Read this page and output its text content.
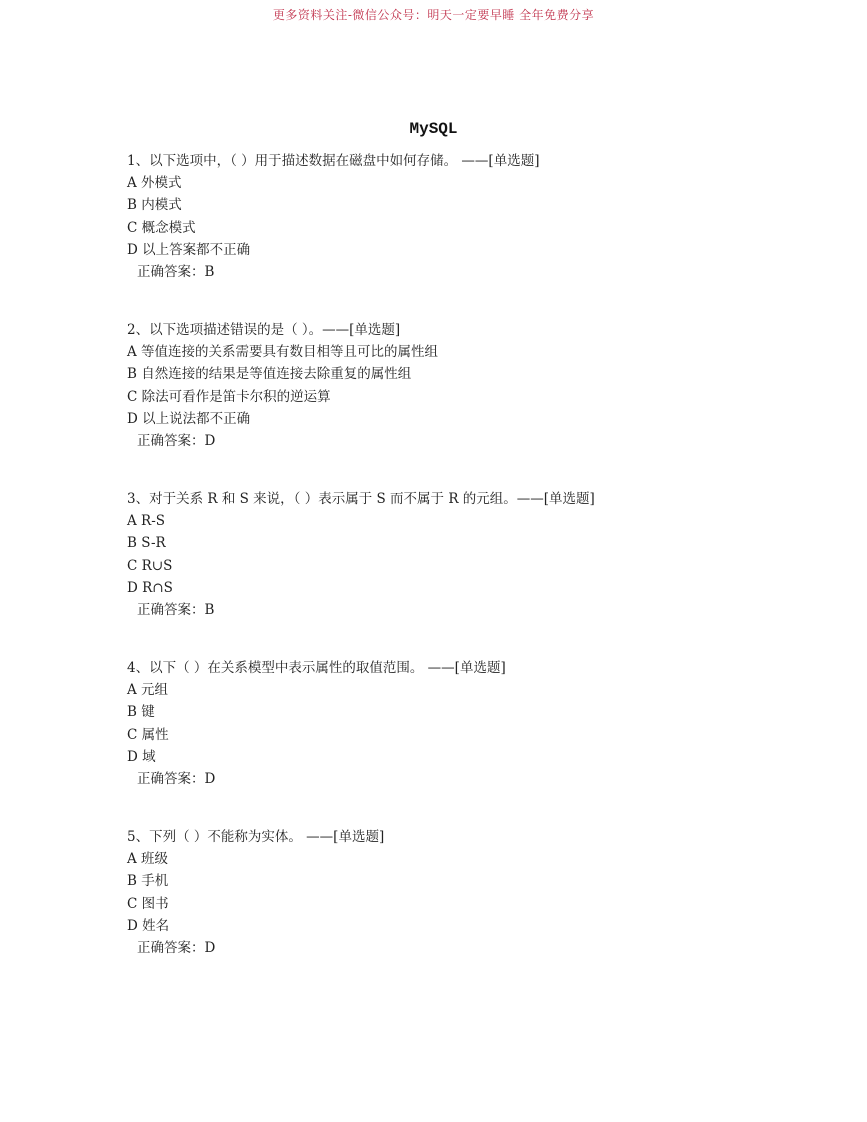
更多资料关注-微信公众号：明天一定要早睡 全年免费分享
MySQL
1、以下选项中，（ ）用于描述数据在磁盘中如何存储。 ——[单选题]
A 外模式
B 内模式
C 概念模式
D 以上答案都不正确
正确答案：B
2、以下选项描述错误的是（ ）。——[单选题]
A 等值连接的关系需要具有数目相等且可比的属性组
B 自然连接的结果是等值连接去除重复的属性组
C 除法可看作是笛卡尔积的逆运算
D 以上说法都不正确
正确答案：D
3、对于关系 R 和 S 来说，（ ）表示属于 S 而不属于 R 的元组。——[单选题]
A R-S
B S-R
C R∪S
D R∩S
正确答案：B
4、以下（ ）在关系模型中表示属性的取值范围。 ——[单选题]
A 元组
B 键
C 属性
D 域
正确答案：D
5、下列（ ）不能称为实体。 ——[单选题]
A 班级
B 手机
C 图书
D 姓名
正确答案：D
